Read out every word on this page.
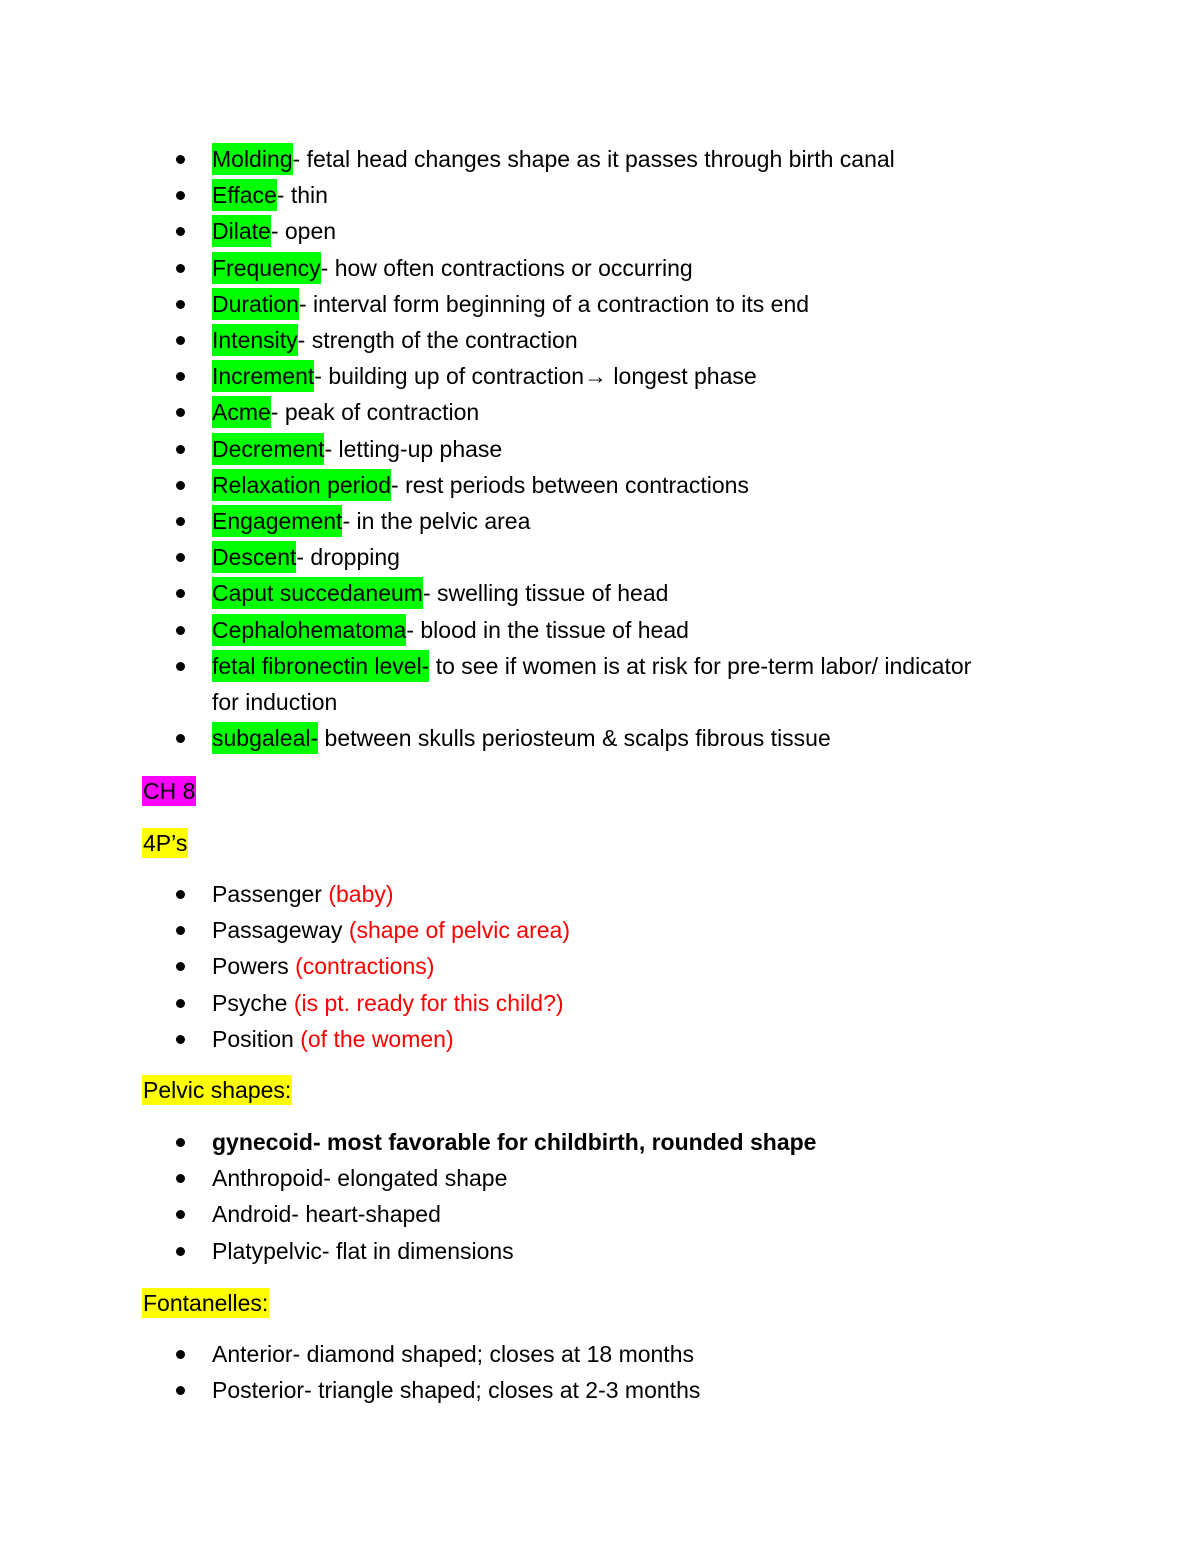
Molding- fetal head changes shape as it passes through birth canal
Efface- thin
Dilate- open
Frequency- how often contractions or occurring
Duration- interval form beginning of a contraction to its end
Intensity- strength of the contraction
Increment- building up of contraction→ longest phase
Acme- peak of contraction
Decrement- letting-up phase
Relaxation period- rest periods between contractions
Engagement- in the pelvic area
Descent- dropping
Caput succedaneum- swelling tissue of head
Cephalohematoma- blood in the tissue of head
fetal fibronectin level- to see if women is at risk for pre-term labor/ indicator for induction
subgaleal- between skulls periosteum & scalps fibrous tissue
CH 8
4P’s
Passenger (baby)
Passageway (shape of pelvic area)
Powers (contractions)
Psyche (is pt. ready for this child?)
Position (of the women)
Pelvic shapes:
gynecoid- most favorable for childbirth, rounded shape
Anthropoid- elongated shape
Android- heart-shaped
Platypelvic- flat in dimensions
Fontanelles:
Anterior- diamond shaped; closes at 18 months
Posterior- triangle shaped; closes at 2-3 months
